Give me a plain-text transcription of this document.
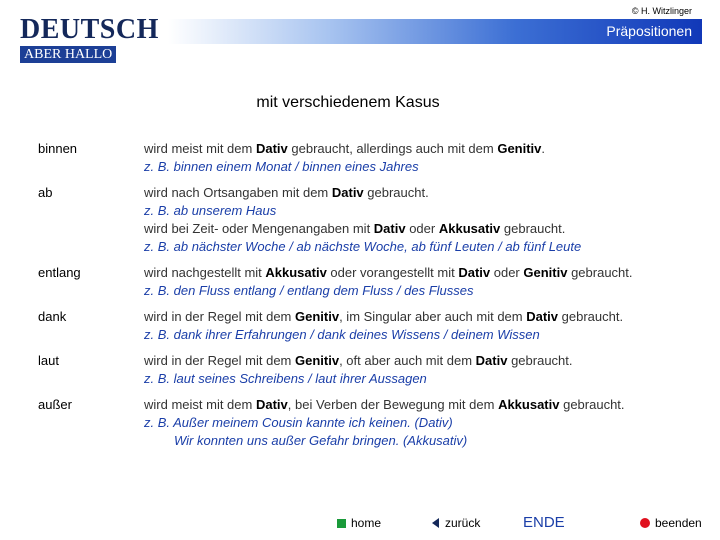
© H. Witzlinger
DEUTSCH
ABER HALLO
Präpositionen
mit verschiedenem Kasus
binnen	wird meist mit dem Dativ gebraucht, allerdings auch mit dem Genitiv.
z. B. binnen einem Monat / binnen eines Jahres
ab	wird nach Ortsangaben mit dem Dativ gebraucht.
z. B. ab unserem Haus
wird bei Zeit- oder Mengenangaben mit Dativ oder Akkusativ gebraucht.
z. B. ab nächster Woche / ab nächste Woche, ab fünf Leuten / ab fünf Leute
entlang	wird nachgestellt mit Akkusativ oder vorangestellt mit Dativ oder Genitiv gebraucht.
z. B. den Fluss entlang / entlang dem Fluss / des Flusses
dank	wird in der Regel mit dem Genitiv, im Singular aber auch mit dem Dativ gebraucht.
z. B. dank ihrer Erfahrungen / dank deines Wissens / deinem Wissen
laut	wird in der Regel mit dem Genitiv, oft aber auch mit dem Dativ gebraucht.
z. B. laut seines Schreibens / laut ihrer Aussagen
außer	wird meist mit dem Dativ, bei Verben der Bewegung mit dem Akkusativ gebraucht.
z. B. Außer meinem Cousin kannte ich keinen. (Dativ)
Wir konnten uns außer Gefahr bringen. (Akkusativ)
home	zurück	ENDE	beenden
